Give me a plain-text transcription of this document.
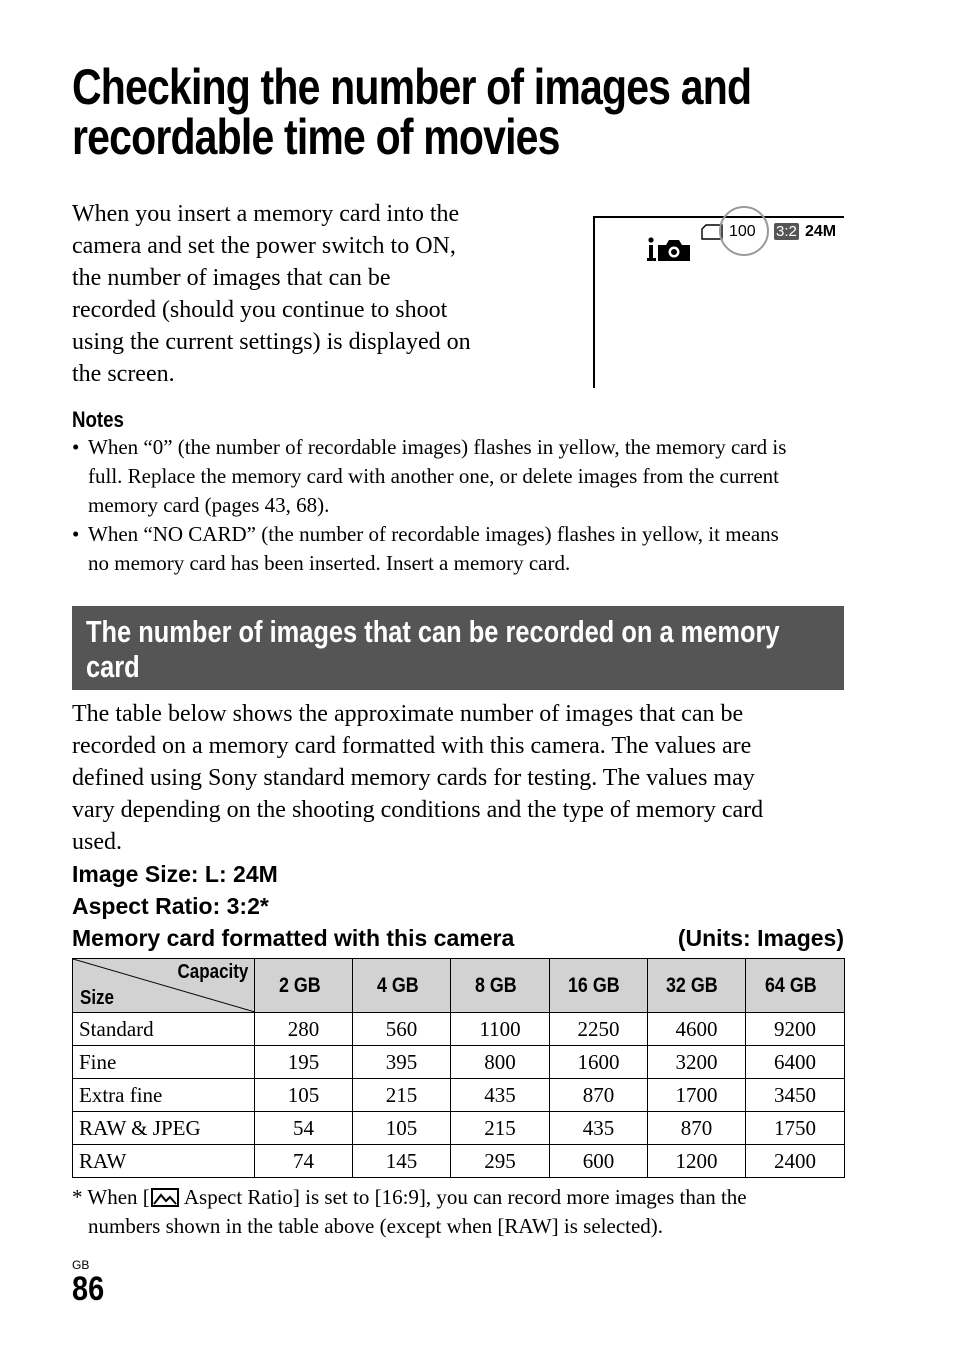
Checking the number of images and
recordable time of movies
When you insert a memory card into the
camera and set the power switch to ON,
the number of images that can be
recorded (should you continue to shoot
using the current settings) is displayed on
the screen.
100 3:2 24M
Notes
• When “0” (the number of recordable images) flashes in yellow, the memory card is
full. Replace the memory card with another one, or delete images from the current
memory card (pages 43, 68).
• When “NO CARD” (the number of recordable images) flashes in yellow, it means
no memory card has been inserted. Insert a memory card.
The number of images that can be recorded on a memory
card
The table below shows the approximate number of images that can be
recorded on a memory card formatted with this camera. The values are
defined using Sony standard memory cards for testing. The values may
vary depending on the shooting conditions and the type of memory card
used.
Image Size: L: 24M
Aspect Ratio: 3:2*
Memory card formatted with this camera	(Units: Images)
Capacity
Size	2 GB	4 GB	8 GB	16 GB	32 GB	64 GB
Standard	280	560	1100	2250	4600	9200
Fine	195	395	800	1600	3200	6400
Extra fine	105	215	435	870	1700	3450
RAW & JPEG	54	105	215	435	870	1750
RAW	74	145	295	600	1200	2400
* When [ Aspect Ratio] is set to [16:9], you can record more images than the
numbers shown in the table above (except when [RAW] is selected).
GB
86
